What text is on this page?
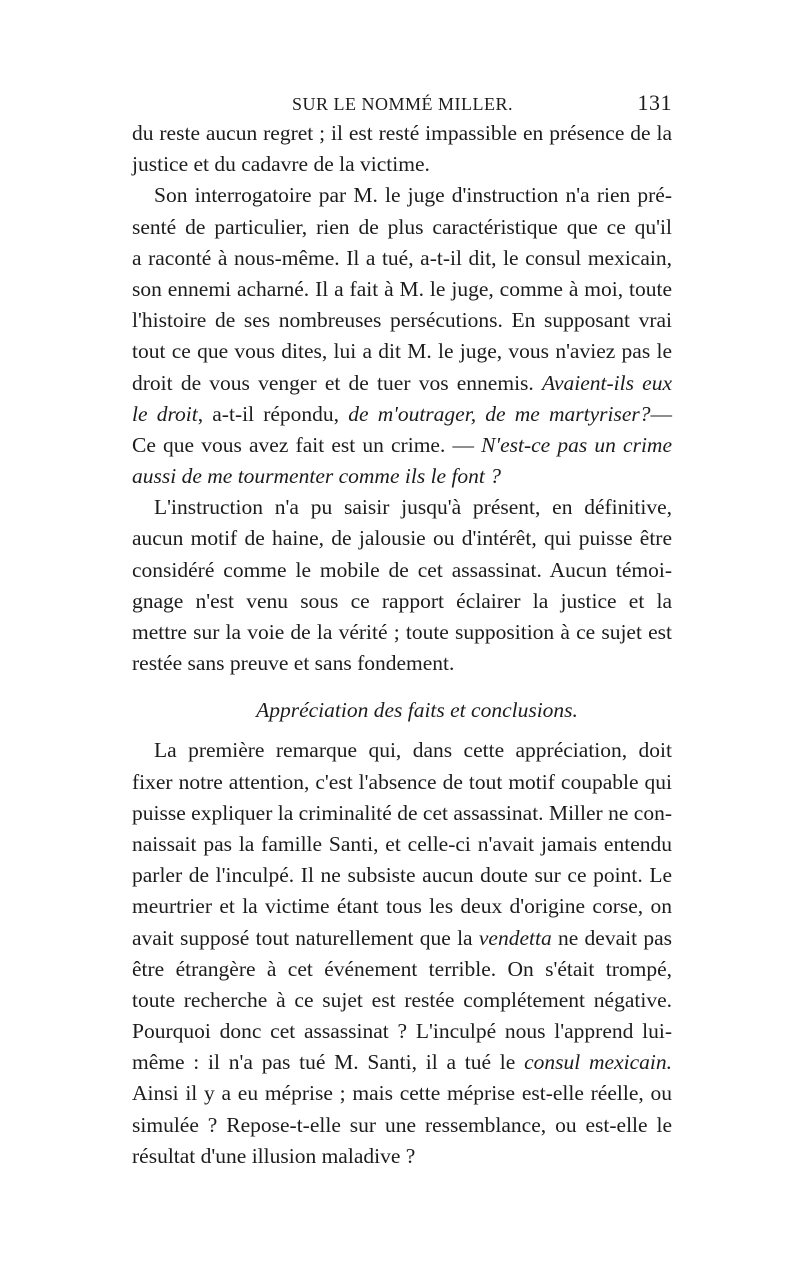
SUR LE NOMMÉ MILLER.	131
du reste aucun regret ; il est resté impassible en présence de la
justice et du cadavre de la victime.
Son interrogatoire par M. le juge d'instruction n'a rien pré-
senté de particulier, rien de plus caractéristique que ce qu'il
a raconté à nous-même. Il a tué, a-t-il dit, le consul mexicain,
son ennemi acharné. Il a fait à M. le juge, comme à moi, toute
l'histoire de ses nombreuses persécutions. En supposant vrai
tout ce que vous dites, lui a dit M. le juge, vous n'aviez pas le
droit de vous venger et de tuer vos ennemis. Avaient-ils eux
le droit, a-t-il répondu, de m'outrager, de me martyriser?—
Ce que vous avez fait est un crime. — N'est-ce pas un crime
aussi de me tourmenter comme ils le font ?
L'instruction n'a pu saisir jusqu'à présent, en définitive,
aucun motif de haine, de jalousie ou d'intérêt, qui puisse être
considéré comme le mobile de cet assassinat. Aucun témoi-
gnage n'est venu sous ce rapport éclairer la justice et la
mettre sur la voie de la vérité ; toute supposition à ce sujet est
restée sans preuve et sans fondement.
Appréciation des faits et conclusions.
La première remarque qui, dans cette appréciation, doit
fixer notre attention, c'est l'absence de tout motif coupable qui
puisse expliquer la criminalité de cet assassinat. Miller ne con-
naissait pas la famille Santi, et celle-ci n'avait jamais entendu
parler de l'inculpé. Il ne subsiste aucun doute sur ce point. Le
meurtrier et la victime étant tous les deux d'origine corse, on
avait supposé tout naturellement que la vendetta ne devait pas
être étrangère à cet événement terrible. On s'était trompé,
toute recherche à ce sujet est restée complétement négative.
Pourquoi donc cet assassinat ? L'inculpé nous l'apprend lui-
même : il n'a pas tué M. Santi, il a tué le consul mexicain.
Ainsi il y a eu méprise ; mais cette méprise est-elle réelle, ou
simulée ? Repose-t-elle sur une ressemblance, ou est-elle le
résultat d'une illusion maladive ?
